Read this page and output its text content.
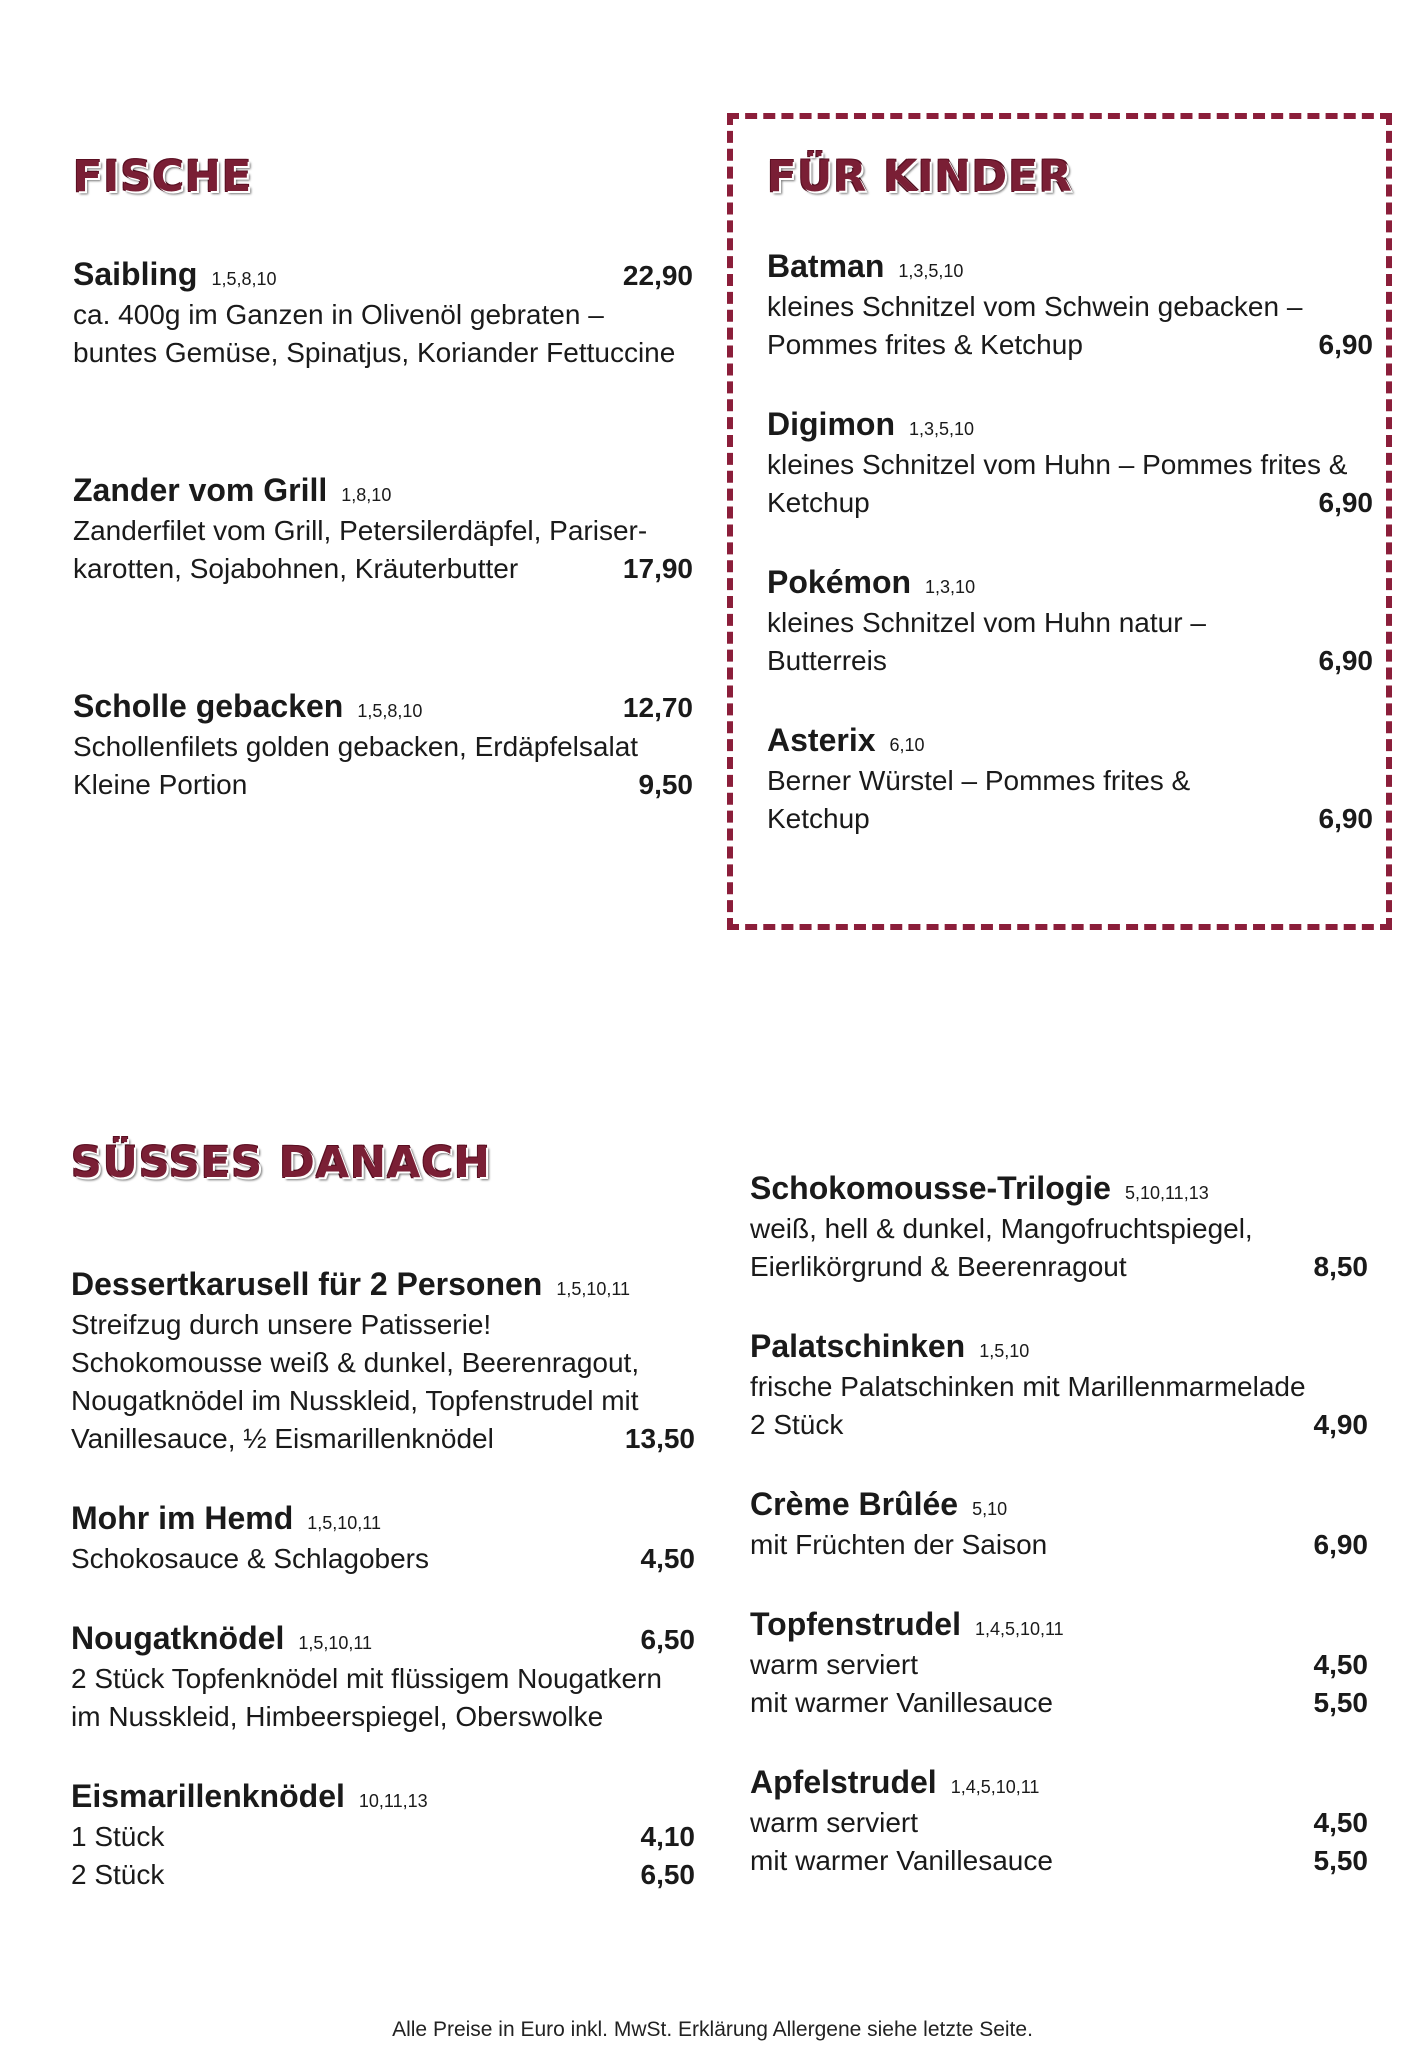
FISCHE
Saibling 1,5,8,10	22,90
ca. 400g im Ganzen in Olivenöl gebraten –
buntes Gemüse, Spinatjus, Koriander Fettuccine
Zander vom Grill 1,8,10
Zanderfilet vom Grill, Petersilerdäpfel, Pariser-
karotten, Sojabohnen, Kräuterbutter	17,90
Scholle gebacken 1,5,8,10	12,70
Schollenfilets golden gebacken, Erdäpfelsalat
Kleine Portion	9,50
FÜR KINDER
Batman 1,3,5,10
kleines Schnitzel vom Schwein gebacken –
Pommes frites & Ketchup	6,90
Digimon 1,3,5,10
kleines Schnitzel vom Huhn – Pommes frites &
Ketchup	6,90
Pokémon 1,3,10
kleines Schnitzel vom Huhn natur –
Butterreis	6,90
Asterix 6,10
Berner Würstel – Pommes frites &
Ketchup	6,90
SÜSSES DANACH
Dessertkarusell für 2 Personen 1,5,10,11
Streifzug durch unsere Patisserie!
Schokomousse weiß & dunkel, Beerenragout,
Nougatknödel im Nusskleid, Topfenstrudel mit
Vanillesauce, ½ Eismarillenknödel	13,50
Mohr im Hemd 1,5,10,11
Schokosauce & Schlagobers	4,50
Nougatknödel 1,5,10,11	6,50
2 Stück Topfenknödel mit flüssigem Nougatkern
im Nusskleid, Himbeerspiegel, Oberswolke
Eismarillenknödel 10,11,13
1 Stück	4,10
2 Stück	6,50
Schokomousse-Trilogie 5,10,11,13
weiß, hell & dunkel, Mangofruchtspiegel,
Eierlikörgrund & Beerenragout	8,50
Palatschinken 1,5,10
frische Palatschinken mit Marillenmarmelade
2 Stück	4,90
Crème Brûlée 5,10
mit Früchten der Saison	6,90
Topfenstrudel 1,4,5,10,11
warm serviert	4,50
mit warmer Vanillesauce	5,50
Apfelstrudel 1,4,5,10,11
warm serviert	4,50
mit warmer Vanillesauce	5,50
Alle Preise in Euro inkl. MwSt. Erklärung Allergene siehe letzte Seite.
